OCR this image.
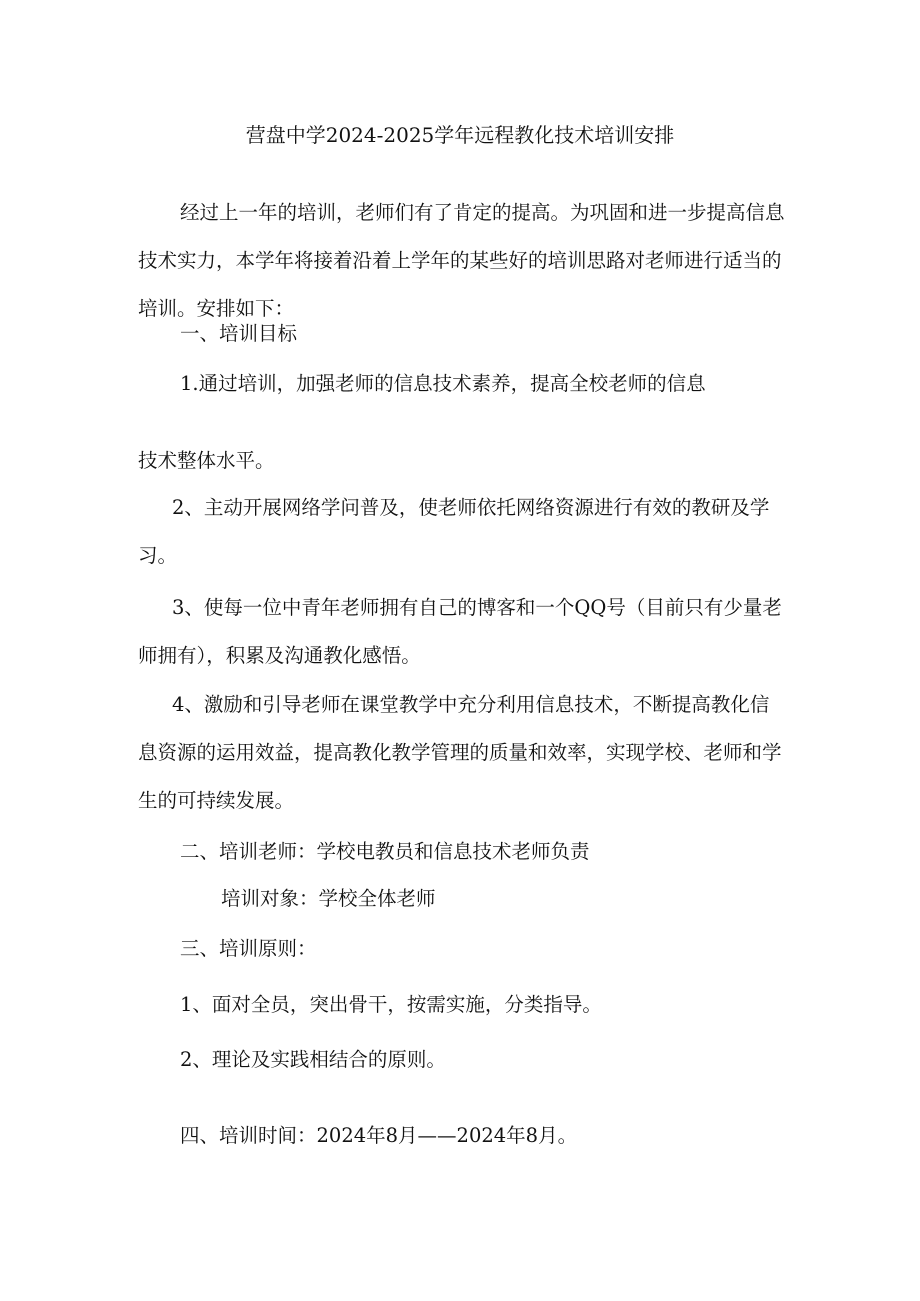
营盘中学2024-2025学年远程教化技术培训安排

经过上一年的培训，老师们有了肯定的提高。为巩固和进一步提高信息技术实力，本学年将接着沿着上学年的某些好的培训思路对老师进行适当的培训。安排如下：

一、培训目标
1.通过培训，加强老师的信息技术素养，提高全校老师的信息
技术整体水平。

2、主动开展网络学问普及，使老师依托网络资源进行有效的教研及学习。

3、使每一位中青年老师拥有自己的博客和一个QQ号（目前只有少量老师拥有），积累及沟通教化感悟。

4、激励和引导老师在课堂教学中充分利用信息技术，不断提高教化信息资源的运用效益，提高教化教学管理的质量和效率，实现学校、老师和学生的可持续发展。

二、培训老师：学校电教员和信息技术老师负责
培训对象：学校全体老师
三、培训原则：
1、面对全员，突出骨干，按需实施，分类指导。
2、理论及实践相结合的原则。
四、培训时间：2024年8月——2024年8月。
